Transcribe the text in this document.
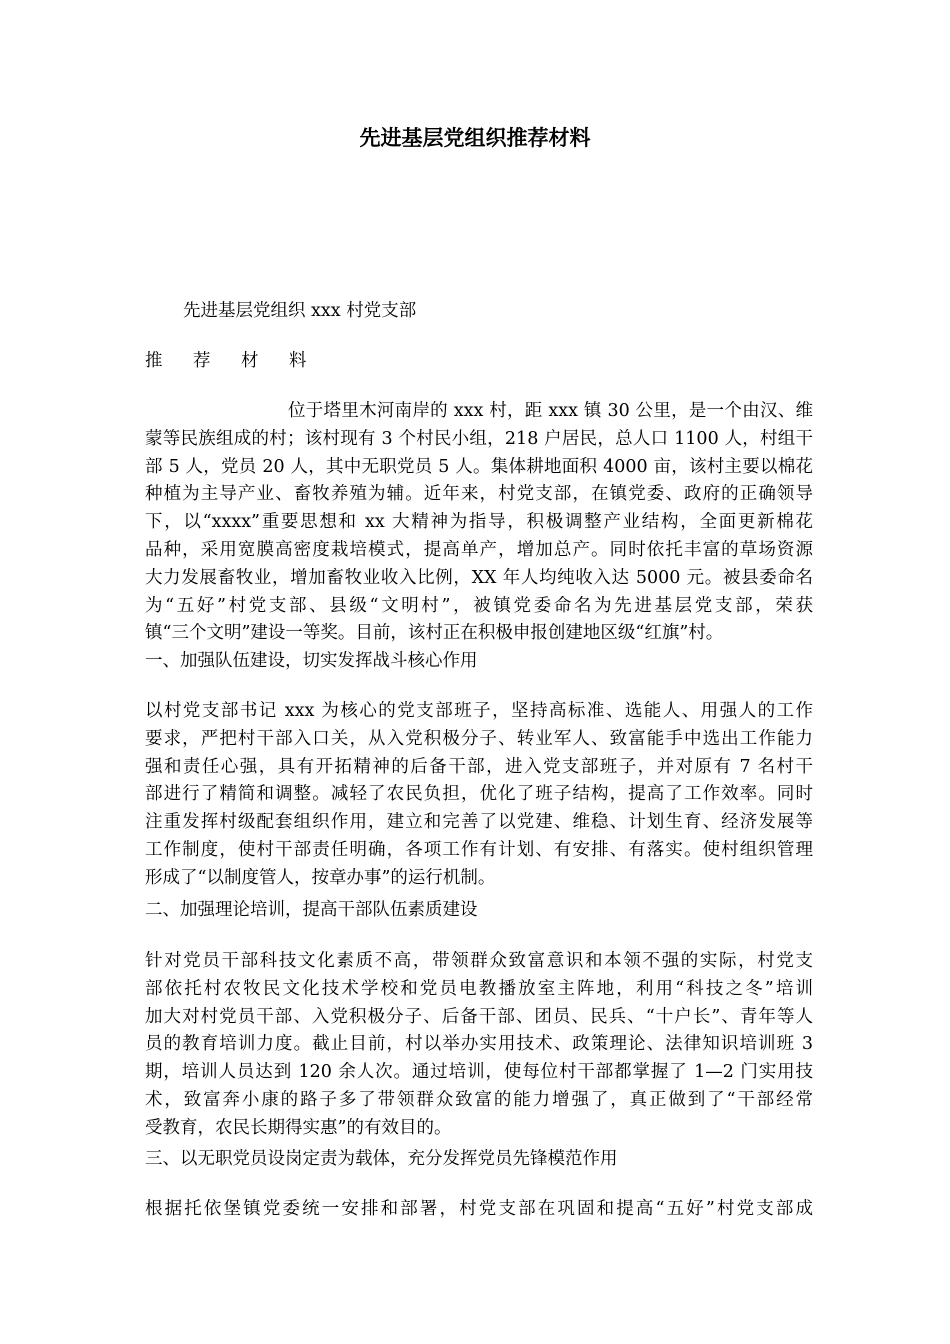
先进基层党组织推荐材料

先进基层党组织 xxx 村党支部

推 荐 材 料

位于塔里木河南岸的 xxx 村，距 xxx 镇 30 公里，是一个由汉、维
蒙等民族组成的村；该村现有 3 个村民小组，218 户居民，总人口 1100 人，村组干
部 5 人，党员 20 人，其中无职党员 5 人。集体耕地面积 4000 亩，该村主要以棉花
种植为主导产业、畜牧养殖为辅。近年来，村党支部，在镇党委、政府的正确领导
下，以“xxxx”重要思想和 xx 大精神为指导，积极调整产业结构，全面更新棉花
品种，采用宽膜高密度栽培模式，提高单产，增加总产。同时依托丰富的草场资源
大力发展畜牧业，增加畜牧业收入比例，XX 年人均纯收入达 5000 元。被县委命名
为“五好”村党支部、县级“文明村”，被镇党委命名为先进基层党支部，荣获
镇“三个文明”建设一等奖。目前，该村正在积极申报创建地区级“红旗”村。

一、加强队伍建设，切实发挥战斗核心作用

以村党支部书记 xxx 为核心的党支部班子，坚持高标准、选能人、用强人的工作
要求，严把村干部入口关，从入党积极分子、转业军人、致富能手中选出工作能力
强和责任心强，具有开拓精神的后备干部，进入党支部班子，并对原有 7 名村干
部进行了精简和调整。减轻了农民负担，优化了班子结构，提高了工作效率。同时
注重发挥村级配套组织作用，建立和完善了以党建、维稳、计划生育、经济发展等
工作制度，使村干部责任明确，各项工作有计划、有安排、有落实。使村组织管理
形成了“以制度管人，按章办事”的运行机制。

二、加强理论培训，提高干部队伍素质建设

针对党员干部科技文化素质不高，带领群众致富意识和本领不强的实际，村党支
部依托村农牧民文化技术学校和党员电教播放室主阵地，利用“科技之冬”培训
加大对村党员干部、入党积极分子、后备干部、团员、民兵、“十户长”、青年等人
员的教育培训力度。截止目前，村以举办实用技术、政策理论、法律知识培训班 3
期，培训人员达到 120 余人次。通过培训，使每位村干部都掌握了 1—2 门实用技
术，致富奔小康的路子多了带领群众致富的能力增强了，真正做到了“干部经常
受教育，农民长期得实惠”的有效目的。

三、以无职党员设岗定责为载体，充分发挥党员先锋模范作用

根据托依堡镇党委统一安排和部署，村党支部在巩固和提高“五好”村党支部成
